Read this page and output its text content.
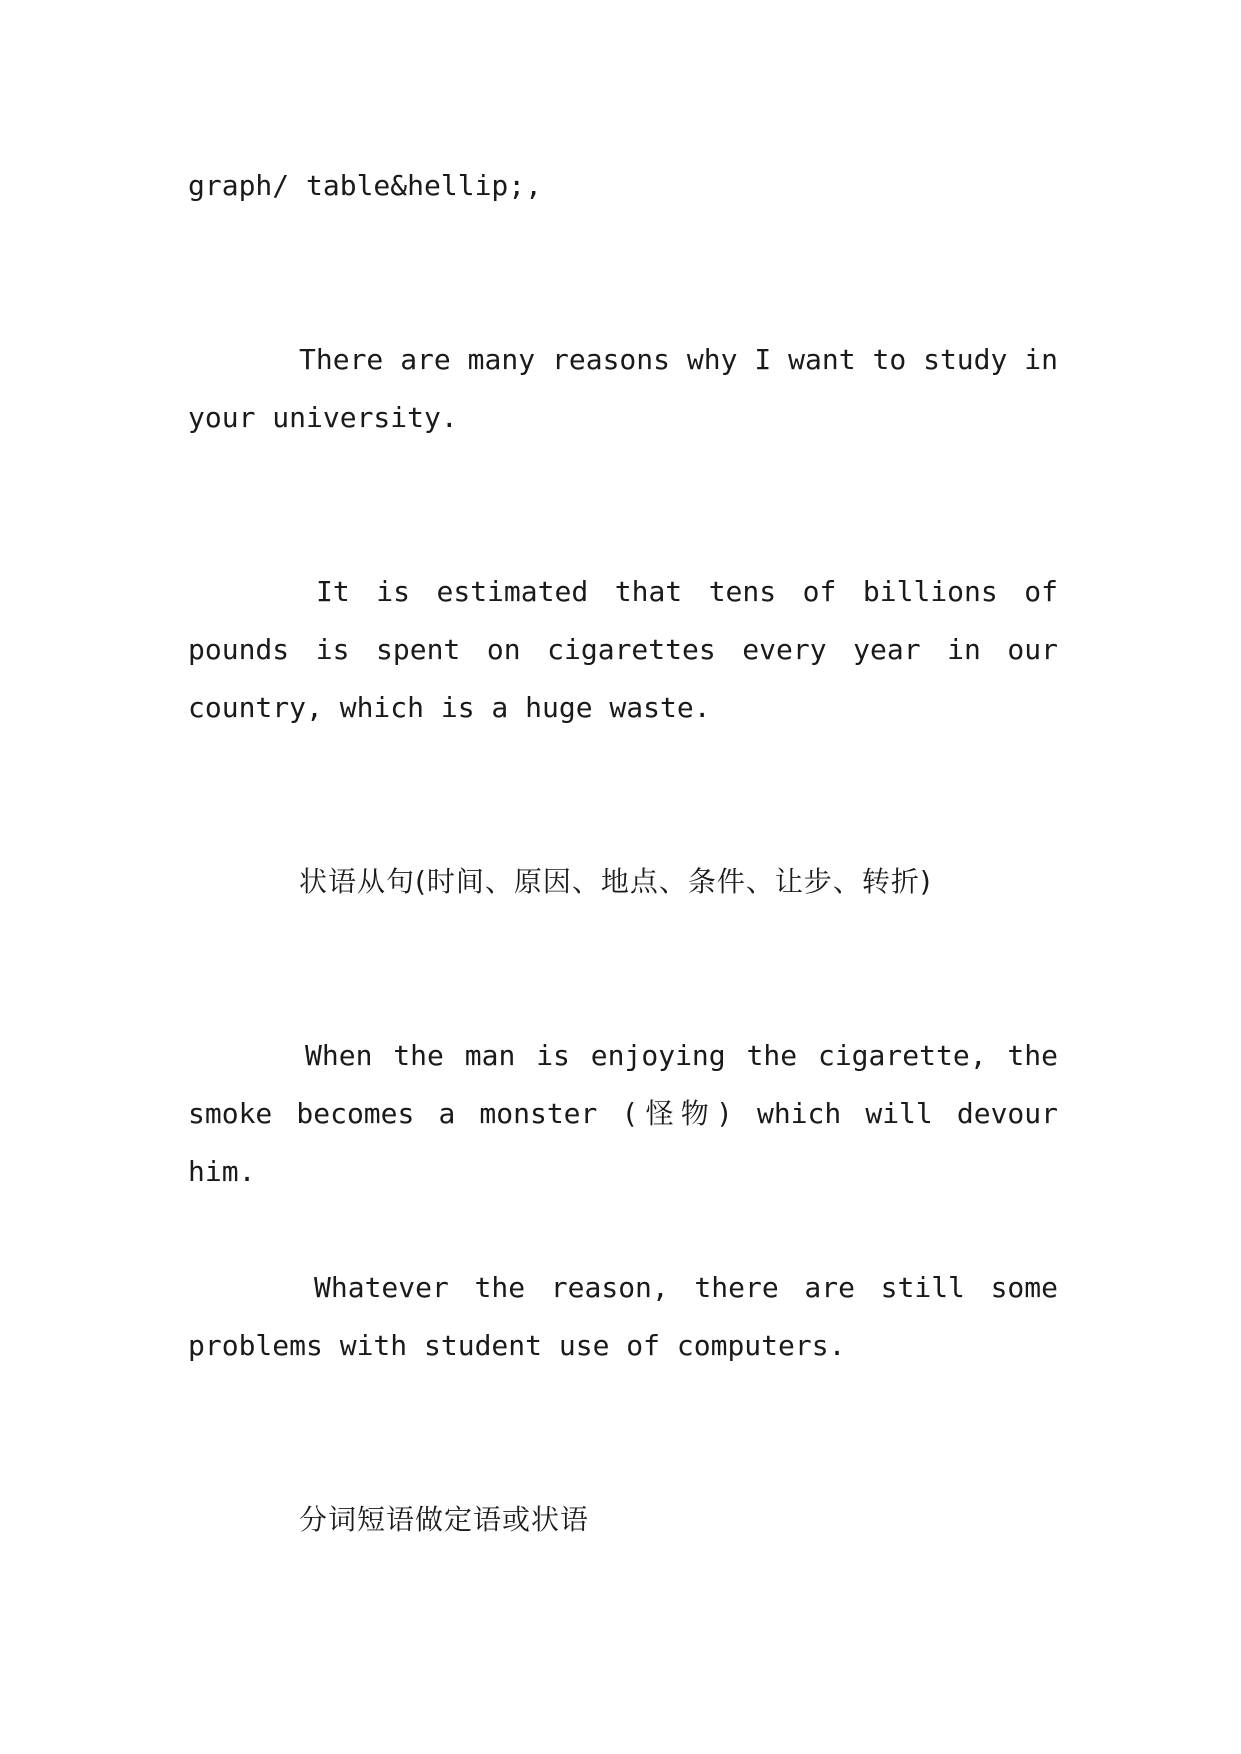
graph/ table&hellip;,

There are many reasons why I want to study in your university.

It is estimated that tens of billions of pounds is spent on cigarettes every year in our country, which is a huge waste.

状语从句(时间、原因、地点、条件、让步、转折)

When the man is enjoying the cigarette, the smoke becomes a monster (怪物) which will devour him.

Whatever the reason, there are still some problems with student use of computers.

分词短语做定语或状语
